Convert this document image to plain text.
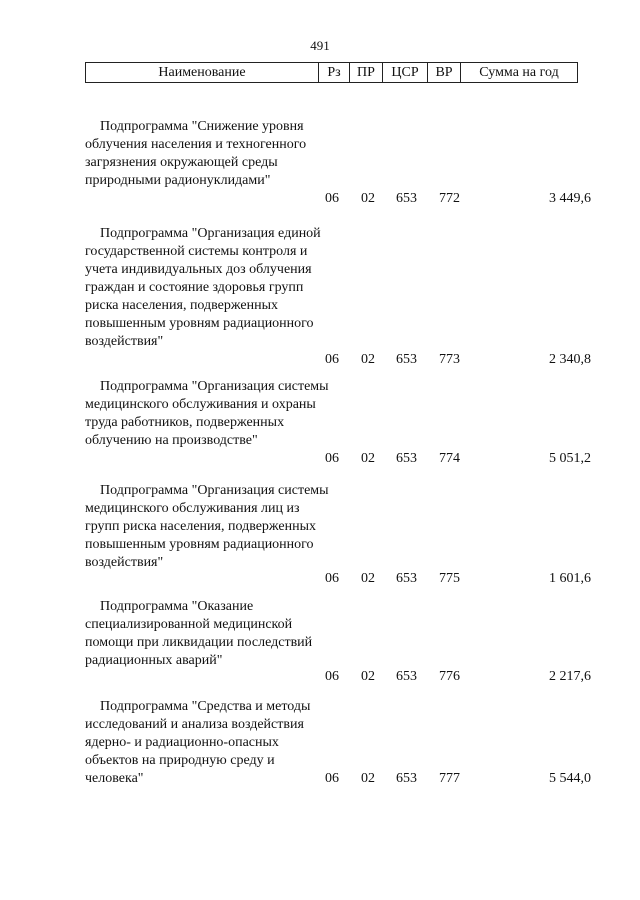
491
Наименование	Рз	ПР	ЦСР	ВР	Сумма на год
Подпрограмма "Снижение уровня облучения населения и техногенного загрязнения окружающей среды природными радионуклидами"
06 02 653 772	3 449,6
Подпрограмма "Организация единой государственной системы контроля и учета индивидуальных доз облучения граждан и состояние здоровья групп риска населения, подверженных повышенным уровням радиационного воздействия"
06 02 653 773	2 340,8
Подпрограмма "Организация системы медицинского обслуживания и охраны труда работников, подверженных облучению на производстве"
06 02 653 774	5 051,2
Подпрограмма "Организация системы медицинского обслуживания лиц из групп риска населения, подверженных повышенным уровням радиационного воздействия"
06 02 653 775	1 601,6
Подпрограмма "Оказание специализированной медицинской помощи при ликвидации последствий радиационных аварий"
06 02 653 776	2 217,6
Подпрограмма "Средства и методы исследований и анализа воздействия ядерно- и радиационно-опасных объектов на природную среду и человека"	06 02 653 777	5 544,0
